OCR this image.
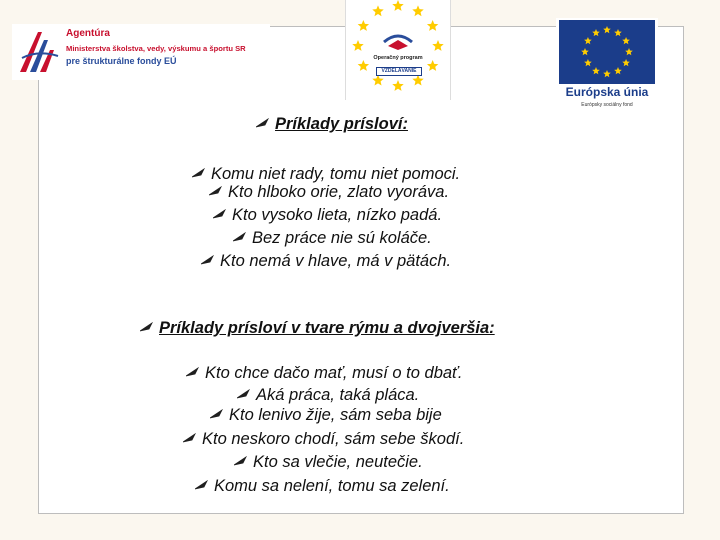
Agentúra
Ministerstva školstva, vedy, výskumu a športu SR
pre štrukturálne fondy EÚ	Operačný program
VZDELÁVANIE
Európska únia
Európsky sociálny fond
Príklady prísloví:
Komu niet rady, tomu niet pomoci.
Kto hlboko orie, zlato vyoráva.
Kto vysoko lieta, nízko padá.
Bez práce nie sú koláče.
Kto nemá v hlave, má v pätách.
Príklady prísloví v tvare rýmu a dvojveršia:
Kto chce dačo mať, musí o to dbať.
Aká práca, taká pláca.
Kto lenivo žije, sám seba bije
Kto neskoro chodí, sám sebe škodí.
Kto sa vlečie, neutečie.
Komu sa nelení, tomu sa zelení.
